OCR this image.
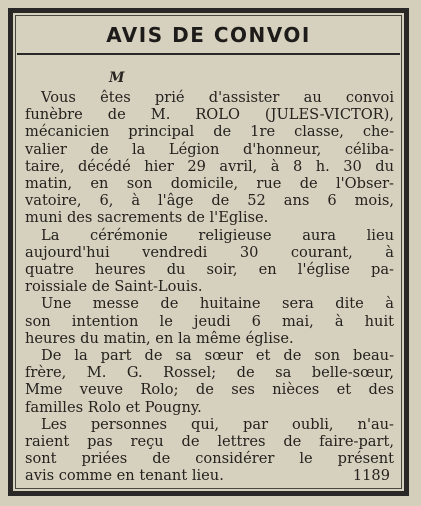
AVIS DE CONVOI
M
Vous êtes prié d'assister au convoi
funèbre de M. ROLO (JULES-VICTOR),
mécanicien principal de 1re classe, che-
valier de la Légion d'honneur, céliba-
taire, décédé hier 29 avril, à 8 h. 30 du
matin, en son domicile, rue de l'Obser-
vatoire, 6, à l'âge de 52 ans 6 mois,
muni des sacrements de l'Eglise.
La cérémonie religieuse aura lieu
aujourd'hui vendredi 30 courant, à
quatre heures du soir, en l'église pa-
roissiale de Saint-Louis.
Une messe de huitaine sera dite à
son intention le jeudi 6 mai, à huit
heures du matin, en la même église.
De la part de sa sœur et de son beau-
frère, M. G. Rossel; de sa belle-sœur,
Mme veuve Rolo; de ses nièces et des
familles Rolo et Pougny.
Les personnes qui, par oubli, n'au-
raient pas reçu de lettres de faire-part,
sont priées de considérer le présent
avis comme en tenant lieu.	1189
